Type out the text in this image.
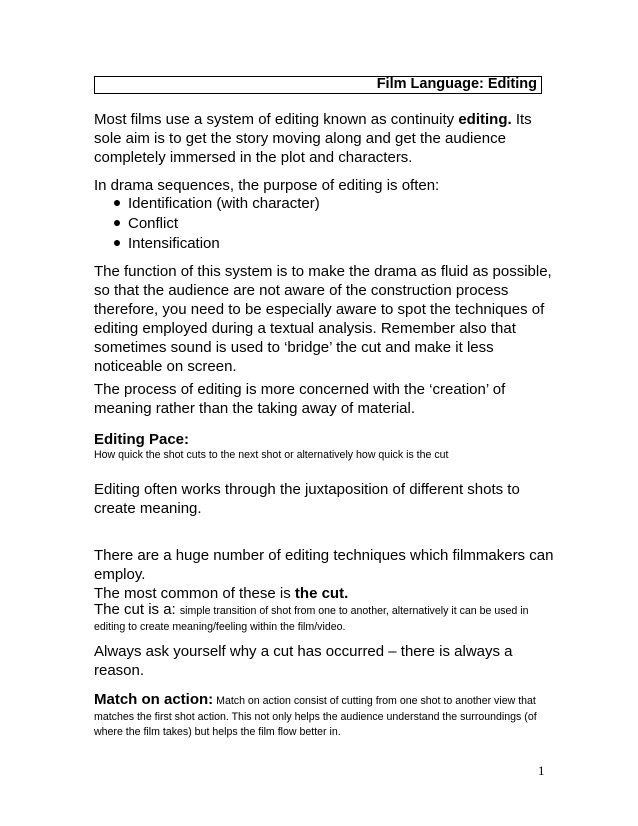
Film Language: Editing

Most films use a system of editing known as continuity editing. Its sole aim is to get the story moving along and get the audience completely immersed in the plot and characters.

In drama sequences, the purpose of editing is often:

Identification (with character)
Conflict
Intensification

The function of this system is to make the drama as fluid as possible, so that the audience are not aware of the construction process therefore, you need to be especially aware to spot the techniques of editing employed during a textual analysis. Remember also that sometimes sound is used to ‘bridge’ the cut and make it less noticeable on screen.

The process of editing is more concerned with the ‘creation’ of meaning rather than the taking away of material.

Editing Pace:

How quick the shot cuts to the next shot or alternatively how quick is the cut

Editing often works through the juxtaposition of different shots to create meaning.

There are a huge number of editing techniques which filmmakers can employ.

The most common of these is the cut.

The cut is a: simple transition of shot from one to another, alternatively it can be used in editing to create meaning/feeling within the film/video.

Always ask yourself why a cut has occurred – there is always a reason.

Match on action: Match on action consist of cutting from one shot to another view that matches the first shot action. This not only helps the audience understand the surroundings (of where the film takes) but helps the film flow better in.

1
